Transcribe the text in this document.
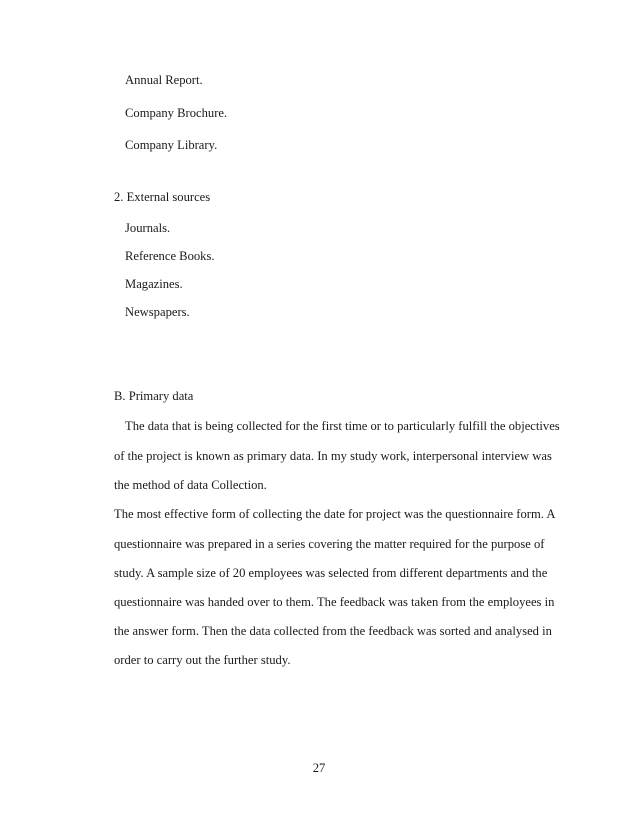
Annual Report.
Company Brochure.
Company Library.
2. External sources
Journals.
Reference Books.
Magazines.
Newspapers.
B. Primary data
The data that is being collected for the first time or to particularly fulfill the objectives
of the project is known as primary data. In my study work, interpersonal interview was
the method of data Collection.
The most effective form of collecting the date for project was the questionnaire form. A
questionnaire was prepared in a series covering the matter required for the purpose of
study. A sample size of 20 employees was selected from different departments and the
questionnaire was handed over to them. The feedback was taken from the employees in
the answer form. Then the data collected from the feedback was sorted and analysed in
order to carry out the further study.
27
